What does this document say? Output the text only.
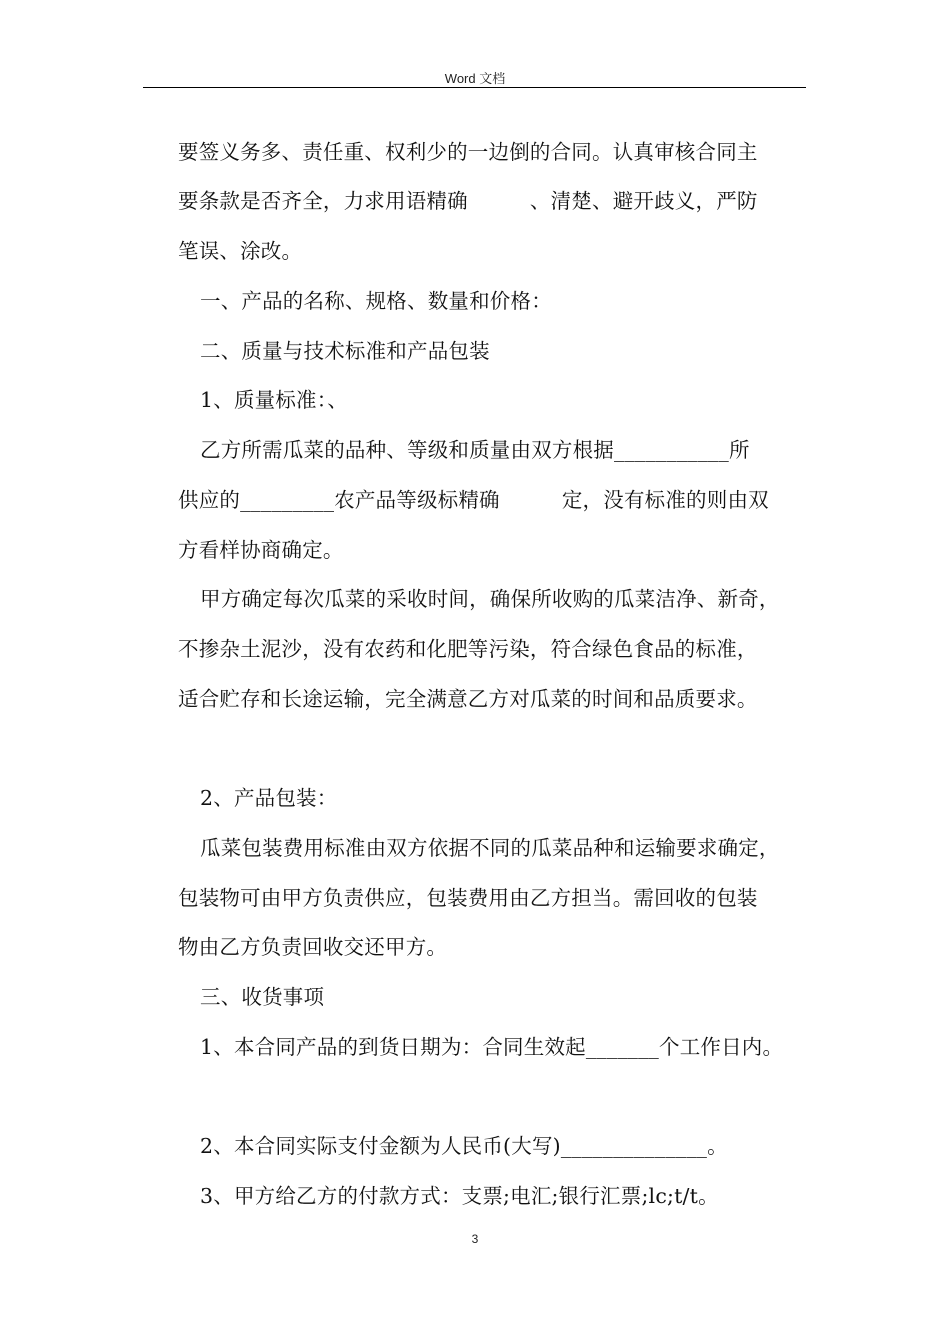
Word 文档
要签义务多、责任重、权利少的一边倒的合同。认真审核合同主
要条款是否齐全，力求用语精确　　　、清楚、避开歧义，严防
笔误、涂改。
一、产品的名称、规格、数量和价格：
二、质量与技术标准和产品包装
1、质量标准：、
乙方所需瓜菜的品种、等级和质量由双方根据___________所
供应的_________农产品等级标精确　　　定，没有标准的则由双
方看样协商确定。
甲方确定每次瓜菜的采收时间，确保所收购的瓜菜洁净、新奇，
不掺杂土泥沙，没有农药和化肥等污染，符合绿色食品的标准，
适合贮存和长途运输，完全满意乙方对瓜菜的时间和品质要求。
2、产品包装：
瓜菜包装费用标准由双方依据不同的瓜菜品种和运输要求确定，
包装物可由甲方负责供应，包装费用由乙方担当。需回收的包装
物由乙方负责回收交还甲方。
三、收货事项
1、本合同产品的到货日期为：合同生效起_______个工作日内。
2、本合同实际支付金额为人民币(大写)______________。
3、甲方给乙方的付款方式：支票;电汇;银行汇票;lc;t/t。
3
